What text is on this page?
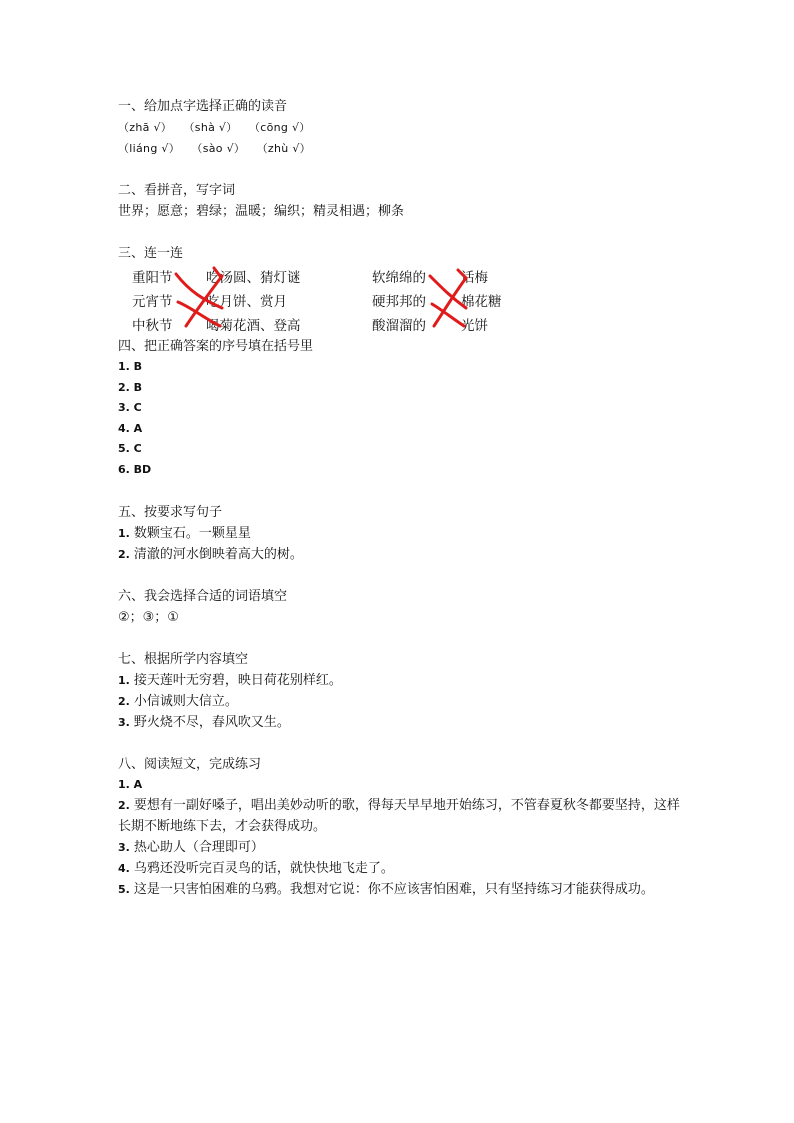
一、给加点字选择正确的读音
（zhā √） （shà √） （cōng √）
（liáng √） （sào √） （zhù √）
二、看拼音，写字词
世界；愿意；碧绿；温暖；编织；精灵相遇；柳条
三、连一连
重阳节
元宵节
中秋节
吃汤圆、猜灯谜
吃月饼、赏月
喝菊花酒、登高
软绵绵的
硬邦邦的
酸溜溜的
话梅
棉花糖
光饼
四、把正确答案的序号填在括号里
1. B
2. B
3. C
4. A
5. C
6. BD
五、按要求写句子
1. 数颗宝石。一颗星星
2. 清澈的河水倒映着高大的树。
六、我会选择合适的词语填空
②；③；①
七、根据所学内容填空
1. 接天莲叶无穷碧，映日荷花别样红。
2. 小信诚则大信立。
3. 野火烧不尽，春风吹又生。
八、阅读短文，完成练习
1. A
2. 要想有一副好嗓子，唱出美妙动听的歌，得每天早早地开始练习，不管春夏秋冬都要坚持，这样长期不断地练下去，才会获得成功。
3. 热心助人（合理即可）
4. 乌鸦还没听完百灵鸟的话，就快快地飞走了。
5. 这是一只害怕困难的乌鸦。我想对它说：你不应该害怕困难，只有坚持练习才能获得成功。
